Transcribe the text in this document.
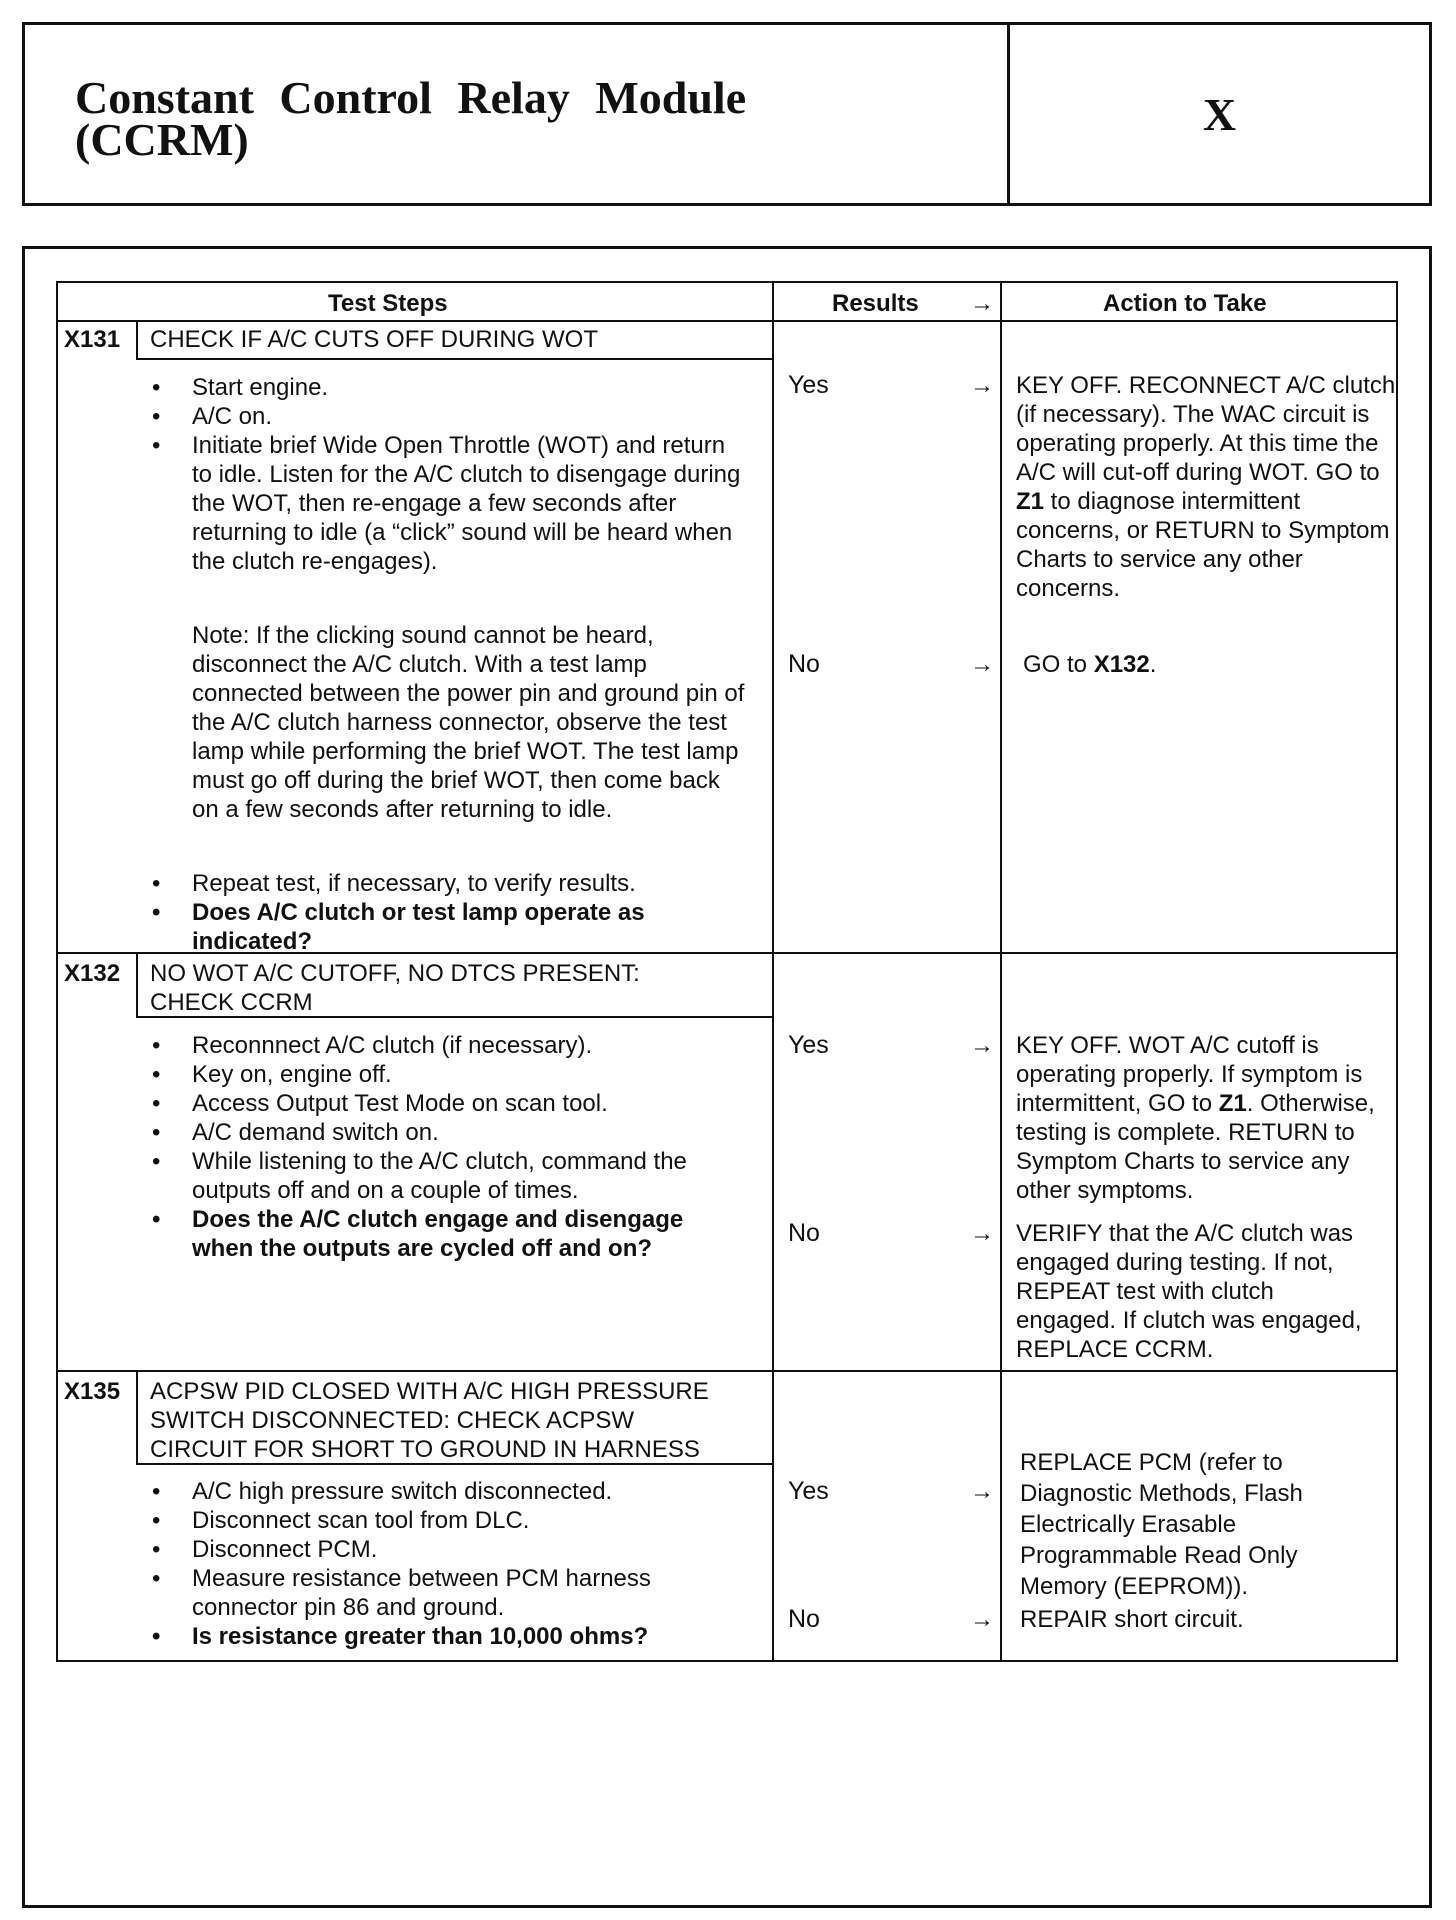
Constant Control Relay Module
(CCRM)	X
Test Steps	Results →	Action to Take
X131 CHECK IF A/C CUTS OFF DURING WOT
• Start engine.
• A/C on.
• Initiate brief Wide Open Throttle (WOT) and return to idle. Listen for the A/C clutch to disengage during the WOT, then re-engage a few seconds after returning to idle (a “click” sound will be heard when the clutch re-engages).
Note: If the clicking sound cannot be heard, disconnect the A/C clutch. With a test lamp connected between the power pin and ground pin of the A/C clutch harness connector, observe the test lamp while performing the brief WOT. The test lamp must go off during the brief WOT, then come back on a few seconds after returning to idle.
• Repeat test, if necessary, to verify results.
• Does A/C clutch or test lamp operate as indicated?
Yes	→ KEY OFF. RECONNECT A/C clutch (if necessary). The WAC circuit is operating properly. At this time the A/C will cut-off during WOT. GO to Z1 to diagnose intermittent concerns, or RETURN to Symptom Charts to service any other concerns.
No	→ GO to X132.
X132 NO WOT A/C CUTOFF, NO DTCS PRESENT:
CHECK CCRM
• Reconnnect A/C clutch (if necessary).
• Key on, engine off.
• Access Output Test Mode on scan tool.
• A/C demand switch on.
• While listening to the A/C clutch, command the outputs off and on a couple of times.
• Does the A/C clutch engage and disengage when the outputs are cycled off and on?
Yes	→ KEY OFF. WOT A/C cutoff is operating properly. If symptom is intermittent, GO to Z1. Otherwise, testing is complete. RETURN to Symptom Charts to service any other symptoms.
No	→ VERIFY that the A/C clutch was engaged during testing. If not, REPEAT test with clutch engaged. If clutch was engaged, REPLACE CCRM.
X135 ACPSW PID CLOSED WITH A/C HIGH PRESSURE
SWITCH DISCONNECTED: CHECK ACPSW
CIRCUIT FOR SHORT TO GROUND IN HARNESS
• A/C high pressure switch disconnected.
• Disconnect scan tool from DLC.
• Disconnect PCM.
• Measure resistance between PCM harness connector pin 86 and ground.
• Is resistance greater than 10,000 ohms?
Yes	→
REPLACE PCM (refer to Diagnostic Methods, Flash Electrically Erasable Programmable Read Only Memory (EEPROM)).
No	→ REPAIR short circuit.
